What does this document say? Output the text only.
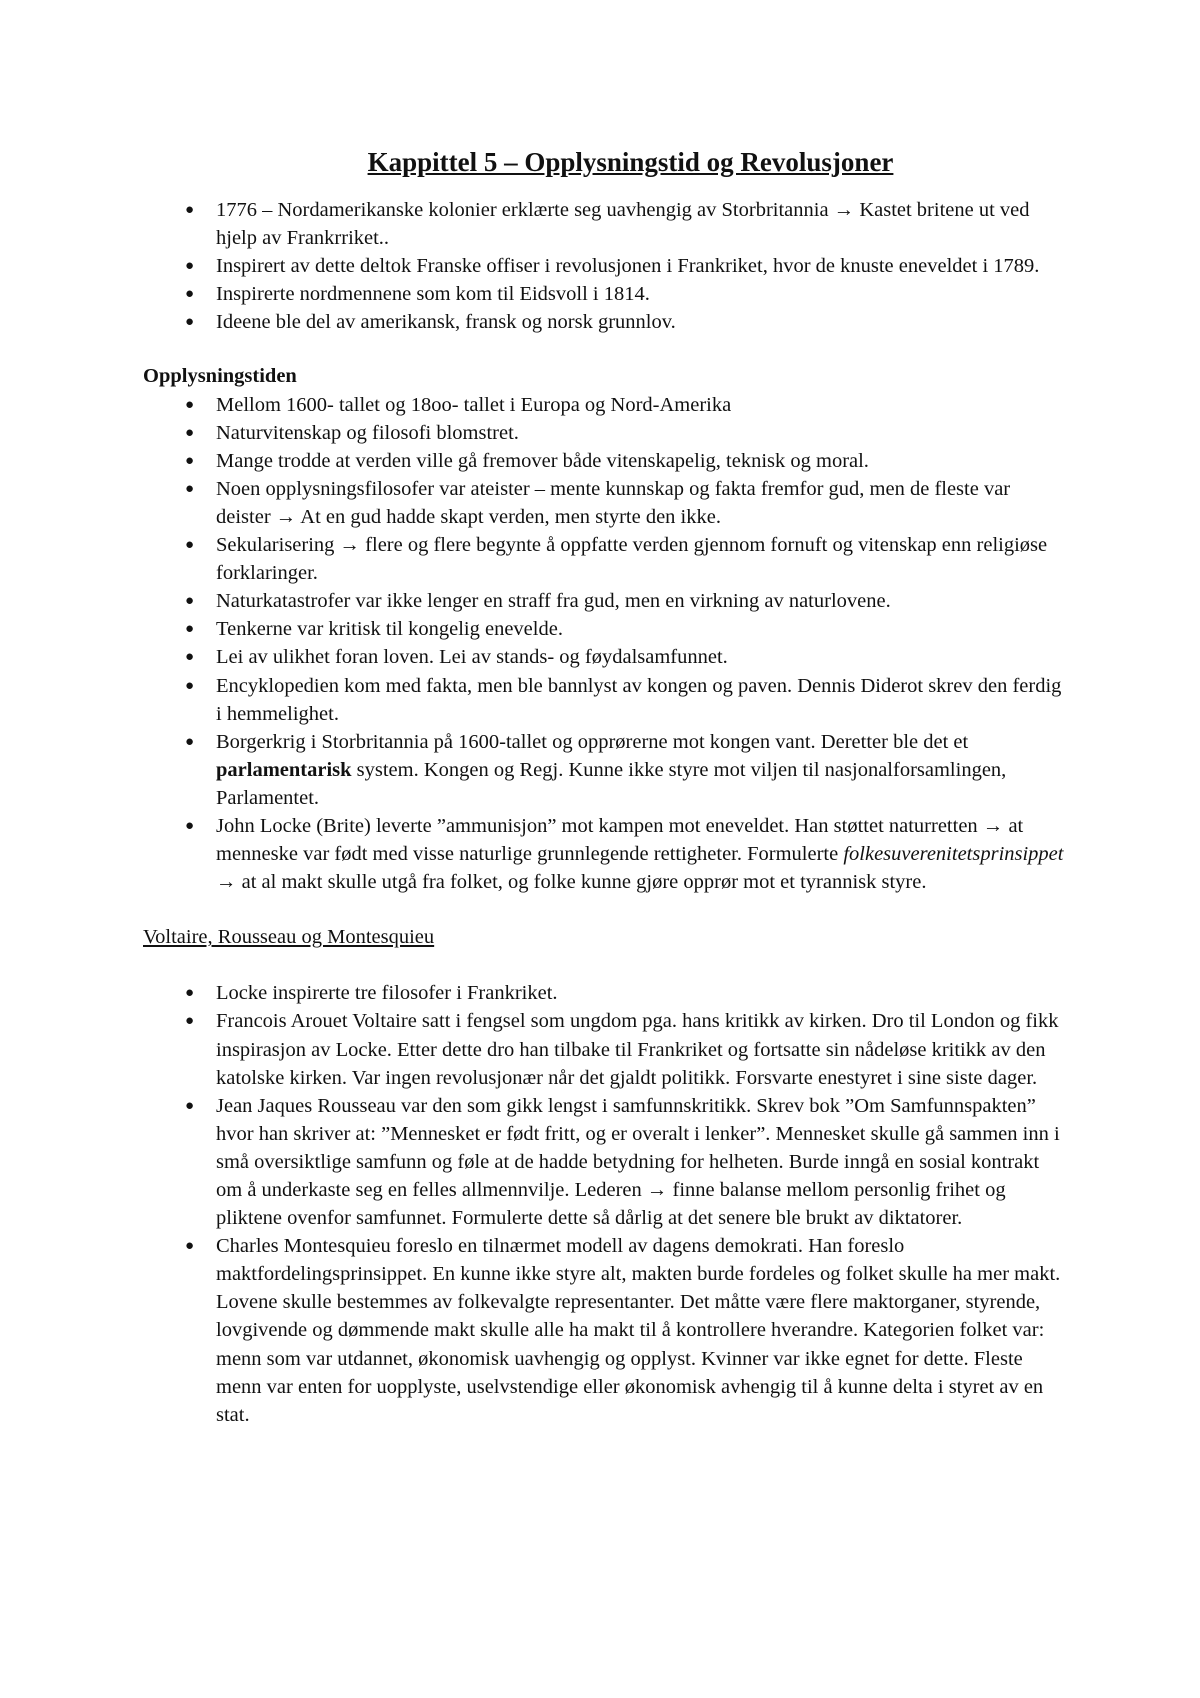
Kappittel 5 – Opplysningstid og Revolusjoner
● 1776 – Nordamerikanske kolonier erklærte seg uavhengig av Storbritannia → Kastet britene ut ved hjelp av Frankrriket..
● Inspirert av dette deltok Franske offiser i revolusjonen i Frankriket, hvor de knuste eneveldet i 1789.
● Inspirerte nordmennene som kom til Eidsvoll i 1814.
● Ideene ble del av amerikansk, fransk og norsk grunnlov.
Opplysningstiden
● Mellom 1600- tallet og 18oo- tallet i Europa og Nord-Amerika
● Naturvitenskap og filosofi blomstret.
● Mange trodde at verden ville gå fremover både vitenskapelig, teknisk og moral.
● Noen opplysningsfilosofer var ateister – mente kunnskap og fakta fremfor gud, men de fleste var deister → At en gud hadde skapt verden, men styrte den ikke.
● Sekularisering → flere og flere begynte å oppfatte verden gjennom fornuft og vitenskap enn religiøse forklaringer.
● Naturkatastrofer var ikke lenger en straff fra gud, men en virkning av naturlovene.
● Tenkerne var kritisk til kongelig enevelde.
● Lei av ulikhet foran loven. Lei av stands- og føydalsamfunnet.
● Encyklopedien kom med fakta, men ble bannlyst av kongen og paven. Dennis Diderot skrev den ferdig i hemmelighet.
● Borgerkrig i Storbritannia på 1600-tallet og opprørerne mot kongen vant. Deretter ble det et parlamentarisk system. Kongen og Regj. Kunne ikke styre mot viljen til nasjonalforsamlingen, Parlamentet.
● John Locke (Brite) leverte ”ammunisjon” mot kampen mot eneveldet. Han støttet naturretten → at menneske var født med visse naturlige grunnlegende rettigheter. Formulerte folkesuverenitetsprinsippet → at al makt skulle utgå fra folket, og folke kunne gjøre opprør mot et tyrannisk styre.
Voltaire, Rousseau og Montesquieu
● Locke inspirerte tre filosofer i Frankriket.
● Francois Arouet Voltaire satt i fengsel som ungdom pga. hans kritikk av kirken. Dro til London og fikk inspirasjon av Locke. Etter dette dro han tilbake til Frankriket og fortsatte sin nådeløse kritikk av den katolske kirken. Var ingen revolusjonær når det gjaldt politikk. Forsvarte enestyret i sine siste dager.
● Jean Jaques Rousseau var den som gikk lengst i samfunnskritikk. Skrev bok ”Om Samfunnspakten” hvor han skriver at: ”Mennesket er født fritt, og er overalt i lenker”. Mennesket skulle gå sammen inn i små oversiktlige samfunn og føle at de hadde betydning for helheten. Burde inngå en sosial kontrakt om å underkaste seg en felles allmennvilje. Lederen → finne balanse mellom personlig frihet og pliktene ovenfor samfunnet. Formulerte dette så dårlig at det senere ble brukt av diktatorer.
● Charles Montesquieu foreslo en tilnærmet modell av dagens demokrati. Han foreslo maktfordelingsprinsippet. En kunne ikke styre alt, makten burde fordeles og folket skulle ha mer makt. Lovene skulle bestemmes av folkevalgte representanter. Det måtte være flere maktorganer, styrende, lovgivende og dømmende makt skulle alle ha makt til å kontrollere hverandre. Kategorien folket var: menn som var utdannet, økonomisk uavhengig og opplyst. Kvinner var ikke egnet for dette. Fleste menn var enten for uopplyste, uselvstendige eller økonomisk avhengig til å kunne delta i styret av en stat.
